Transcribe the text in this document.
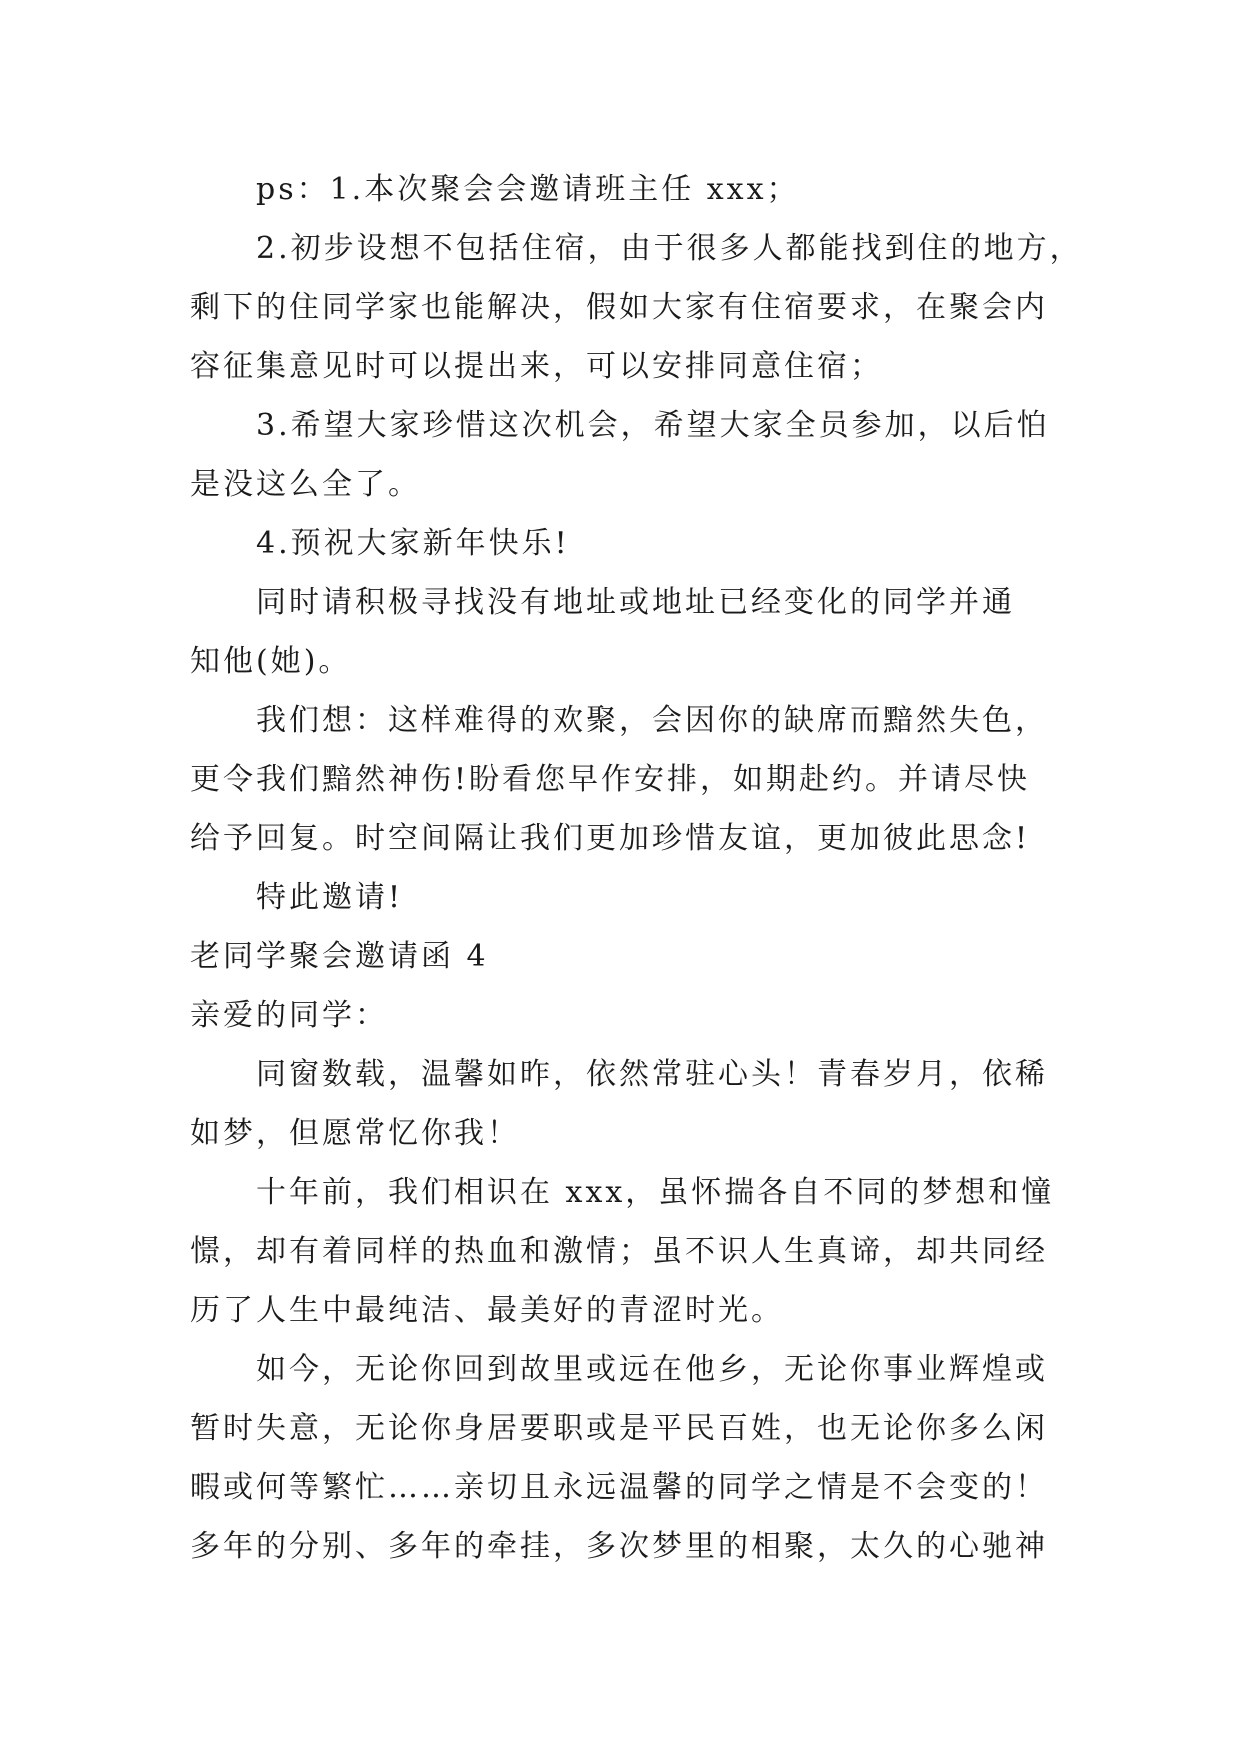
ps：1.本次聚会会邀请班主任 xxx；
2.初步设想不包括住宿，由于很多人都能找到住的地方，
剩下的住同学家也能解决，假如大家有住宿要求，在聚会内
容征集意见时可以提出来，可以安排同意住宿；
3.希望大家珍惜这次机会，希望大家全员参加，以后怕
是没这么全了。
4.预祝大家新年快乐!
同时请积极寻找没有地址或地址已经变化的同学并通
知他(她)。
我们想：这样难得的欢聚，会因你的缺席而黯然失色，
更令我们黯然神伤!盼看您早作安排，如期赴约。并请尽快
给予回复。时空间隔让我们更加珍惜友谊，更加彼此思念!
特此邀请!
老同学聚会邀请函 4
亲爱的同学：
同窗数载，温馨如昨，依然常驻心头！青春岁月，依稀
如梦，但愿常忆你我！
十年前，我们相识在 xxx，虽怀揣各自不同的梦想和憧
憬，却有着同样的热血和激情；虽不识人生真谛，却共同经
历了人生中最纯洁、最美好的青涩时光。
如今，无论你回到故里或远在他乡，无论你事业辉煌或
暂时失意，无论你身居要职或是平民百姓，也无论你多么闲
暇或何等繁忙……亲切且永远温馨的同学之情是不会变的！
多年的分别、多年的牵挂，多次梦里的相聚，太久的心驰神
